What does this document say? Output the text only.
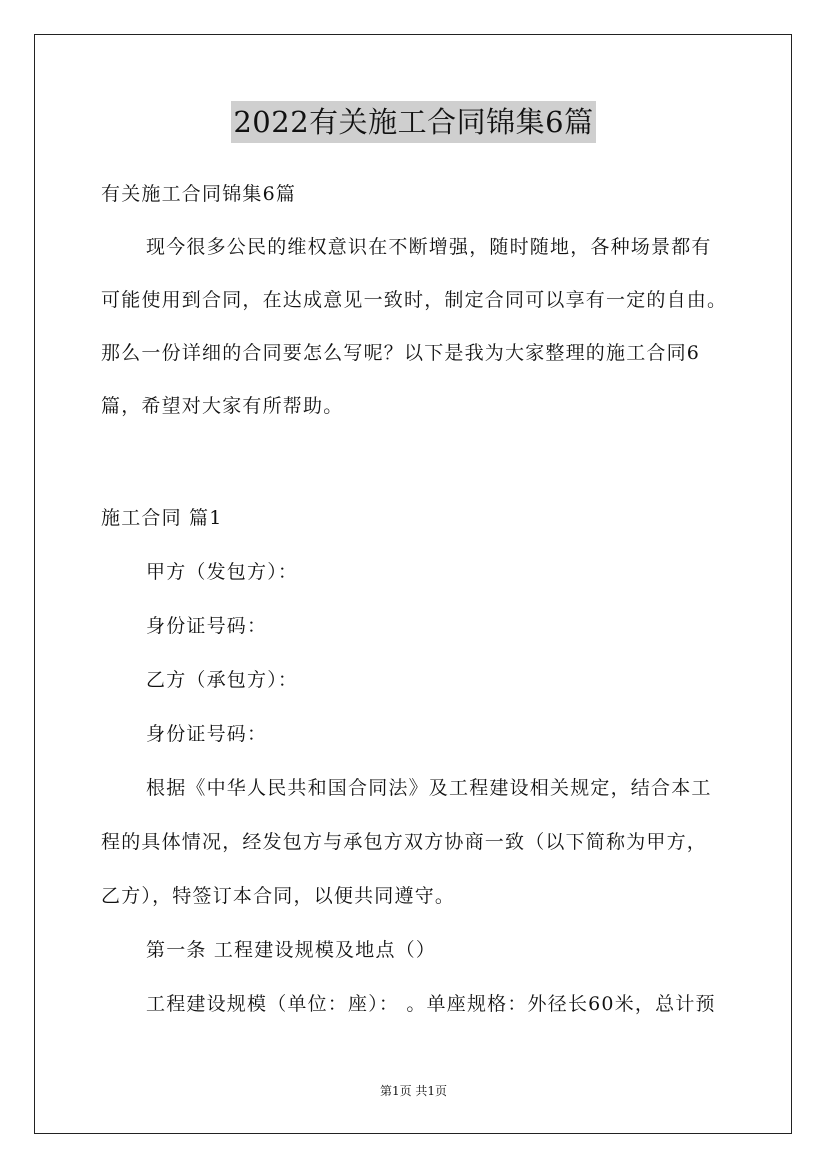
2022有关施工合同锦集6篇
有关施工合同锦集6篇
现今很多公民的维权意识在不断增强，随时随地，各种场景都有
可能使用到合同，在达成意见一致时，制定合同可以享有一定的自由。
那么一份详细的合同要怎么写呢？以下是我为大家整理的施工合同6
篇，希望对大家有所帮助。
施工合同 篇1
甲方（发包方）：
身份证号码：
乙方（承包方）：
身份证号码：
根据《中华人民共和国合同法》及工程建设相关规定，结合本工
程的具体情况，经发包方与承包方双方协商一致（以下简称为甲方，
乙方），特签订本合同，以便共同遵守。
第一条 工程建设规模及地点（）
工程建设规模（单位：座）： 。单座规格：外径长60米，总计预
第1页 共1页
